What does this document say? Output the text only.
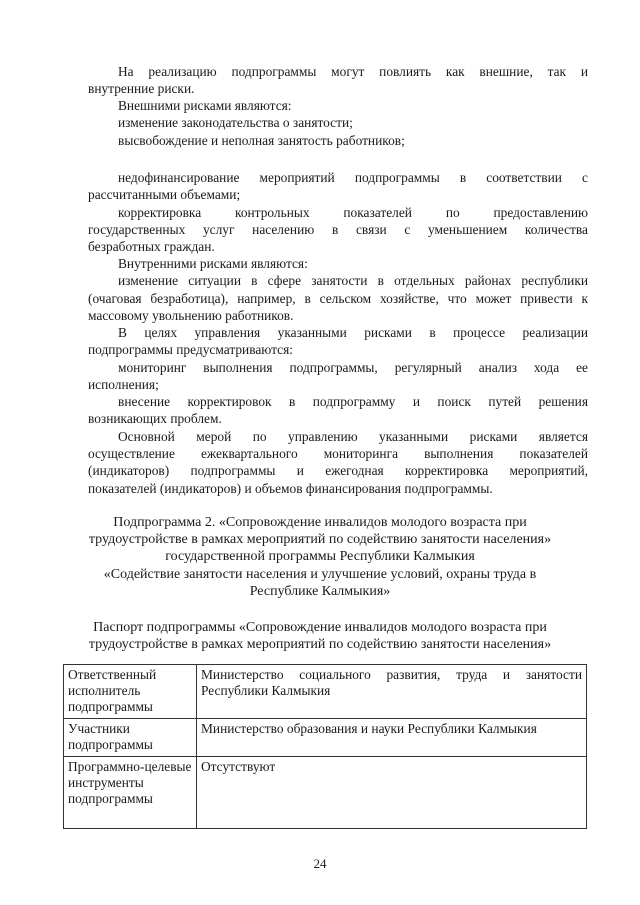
На реализацию подпрограммы могут повлиять как внешние, так и
внутренние риски.
Внешними рисками являются:
изменение законодательства о занятости;
высвобождение и неполная занятость работников;
недофинансирование мероприятий подпрограммы в соответствии с
рассчитанными объемами;
корректировка контрольных показателей по предоставлению
государственных услуг населению в связи с уменьшением количества
безработных граждан.
Внутренними рисками являются:
изменение ситуации в сфере занятости в отдельных районах республики
(очаговая безработица), например, в сельском хозяйстве, что может привести к
массовому увольнению работников.
В целях управления указанными рисками в процессе реализации
подпрограммы предусматриваются:
мониторинг выполнения подпрограммы, регулярный анализ хода ее
исполнения;
внесение корректировок в подпрограмму и поиск путей решения
возникающих проблем.
Основной мерой по управлению указанными рисками является
осуществление ежеквартального мониторинга выполнения показателей
(индикаторов) подпрограммы и ежегодная корректировка мероприятий,
показателей (индикаторов) и объемов финансирования подпрограммы.
Подпрограмма 2. «Сопровождение инвалидов молодого возраста при
трудоустройстве в рамках мероприятий по содействию занятости населения»
государственной программы Республики Калмыкия
«Содействие занятости населения и улучшение условий, охраны труда в
Республике Калмыкия»
Паспорт подпрограммы «Сопровождение инвалидов молодого возраста при
трудоустройстве в рамках мероприятий по содействию занятости населения»
Ответственный исполнитель подпрограммы	Министерство социального развития, труда и занятости Республики Калмыкия
Участники подпрограммы	Министерство образования и науки Республики Калмыкия
Программно-целевые инструменты подпрограммы	Отсутствуют
24
